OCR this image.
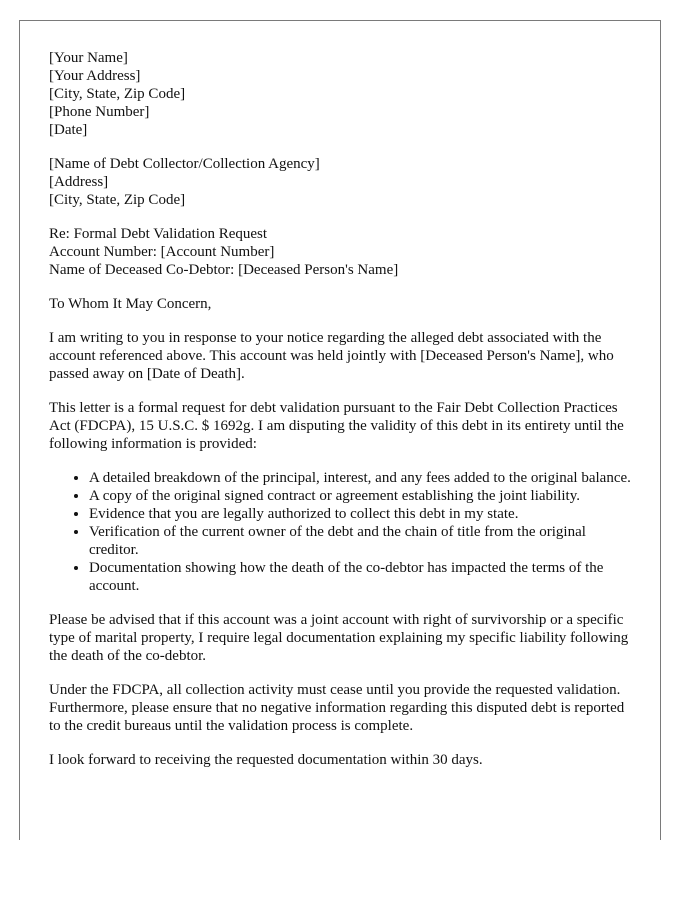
[Your Name]
[Your Address]
[City, State, Zip Code]
[Phone Number]
[Date]
[Name of Debt Collector/Collection Agency]
[Address]
[City, State, Zip Code]
Re: Formal Debt Validation Request
Account Number: [Account Number]
Name of Deceased Co-Debtor: [Deceased Person's Name]

To Whom It May Concern,

I am writing to you in response to your notice regarding the alleged debt associated with the account referenced above. This account was held jointly with [Deceased Person's Name], who passed away on [Date of Death].

This letter is a formal request for debt validation pursuant to the Fair Debt Collection Practices Act (FDCPA), 15 U.S.C. $ 1692g. I am disputing the validity of this debt in its entirety until the following information is provided:

• A detailed breakdown of the principal, interest, and any fees added to the original balance.
• A copy of the original signed contract or agreement establishing the joint liability.
• Evidence that you are legally authorized to collect this debt in my state.
• Verification of the current owner of the debt and the chain of title from the original creditor.
• Documentation showing how the death of the co-debtor has impacted the terms of the account.

Please be advised that if this account was a joint account with right of survivorship or a specific type of marital property, I require legal documentation explaining my specific liability following the death of the co-debtor.

Under the FDCPA, all collection activity must cease until you provide the requested validation. Furthermore, please ensure that no negative information regarding this disputed debt is reported to the credit bureaus until the validation process is complete.

I look forward to receiving the requested documentation within 30 days.
